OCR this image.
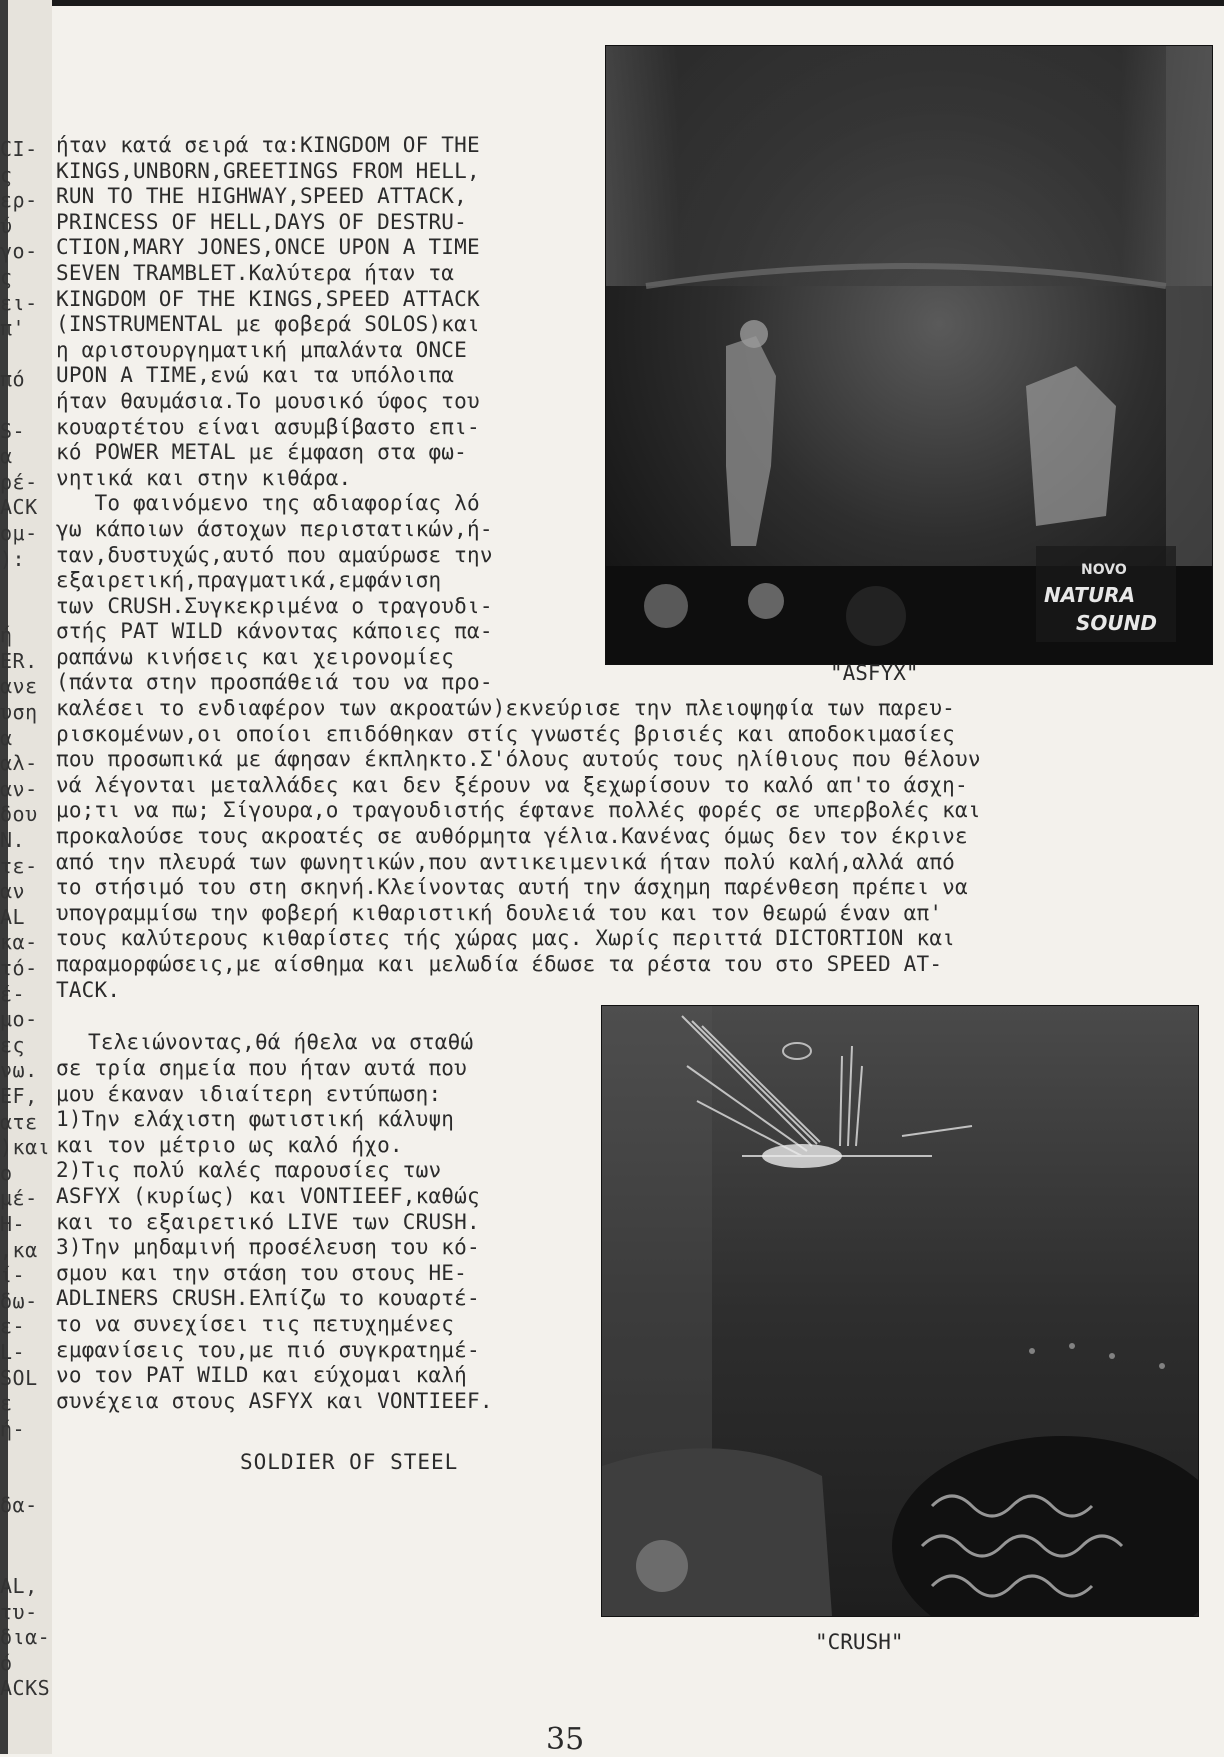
CI-
ς
ερ-
ύ
γο-
ς
ει-
π'

πό

S-
α
ρέ-
ACK
ομ-
):

ή
ER.
ανε
υση
α
αλ-
αν-
δου
N.
τε-
αν
AL
κα-
τό-
έ-
μο-
ες
νω.
EF,
ατε
)και
ο
μέ-
H-
,κα
ί-
δω-
ε-
L-
SOL
ε
ή-

δα-
AL,
τυ-
δια-
ό
ACKS
ήταν κατά σειρά τα:KINGDOM OF THE
KINGS,UNBORN,GREETINGS FROM HELL,
RUN TO THE HIGHWAY,SPEED ATTACK,
PRINCESS OF HELL,DAYS OF DESTRU-
CTION,MARY JONES,ONCE UPON A TIME
SEVEN TRAMBLET.Καλύτερα ήταν τα
KINGDOM OF THE KINGS,SPEED ATTACK
(INSTRUMENTAL με φοβερά SOLOS)και
η αριστουργηματική μπαλάντα ONCE
UPON A TIME,ενώ και τα υπόλοιπα
ήταν θαυμάσια.Το μουσικό ύφος του
κουαρτέτου είναι ασυμβίβαστο επι-
κό POWER METAL με έμφαση στα φω-
νητικά και στην κιθάρα.
Το φαινόμενο της αδιαφορίας λό
γω κάποιων άστοχων περιστατικών,ή-
ταν,δυστυχώς,αυτό που αμαύρωσε την
εξαιρετική,πραγματικά,εμφάνιση
των CRUSH.Συγκεκριμένα ο τραγουδι-
στής PAT WILD κάνοντας κάποιες πα-
ραπάνω κινήσεις και χειρονομίες
(πάντα στην προσπάθειά του να προ-
NOVO
NATURA
SOUND
"ASFYX"
καλέσει το ενδιαφέρον των ακροατών)εκνεύρισε την πλειοψηφία των παρευ-
ρισκομένων,οι οποίοι επιδόθηκαν στίς γνωστές βρισιές και αποδοκιμασίες
που προσωπικά με άφησαν έκπληκτο.Σ'όλους αυτούς τους ηλίθιους που θέλουν
νά λέγονται μεταλλάδες και δεν ξέρουν να ξεχωρίσουν το καλό απ'το άσχη-
μο;τι να πω; Σίγουρα,ο τραγουδιστής έφτανε πολλές φορές σε υπερβολές και
προκαλούσε τους ακροατές σε αυθόρμητα γέλια.Κανένας όμως δεν τον έκρινε
από την πλευρά των φωνητικών,που αντικειμενικά ήταν πολύ καλή,αλλά από
το στήσιμό του στη σκηνή.Κλείνοντας αυτή την άσχημη παρένθεση πρέπει να
υπογραμμίσω την φοβερή κιθαριστική δουλειά του και τον θεωρώ έναν απ'
τους καλύτερους κιθαρίστες τής χώρας μας. Χωρίς περιττά DICTORTION και
παραμορφώσεις,με αίσθημα και μελωδία έδωσε τα ρέστα του στο SPEED AT-
TACK.
Τελειώνοντας,θά ήθελα να σταθώ
σε τρία σημεία που ήταν αυτά που
μου έκαναν ιδιαίτερη εντύπωση:
1)Την ελάχιστη φωτιστική κάλυψη
και τον μέτριο ως καλό ήχο.
2)Τις πολύ καλές παρουσίες των
ASFYX (κυρίως) και VONTIEEF,καθώς
και το εξαιρετικό LIVE των CRUSH.
3)Την μηδαμινή προσέλευση του κό-
σμου και την στάση του στους HE-
ADLINERS CRUSH.Ελπίζω το κουαρτέ-
το να συνεχίσει τις πετυχημένες
εμφανίσεις του,με πιό συγκρατημέ-
νο τον PAT WILD και εύχομαι καλή
συνέχεια στους ASFYX και VONTIEEF.
SOLDIER OF STEEL
"CRUSH"
35
